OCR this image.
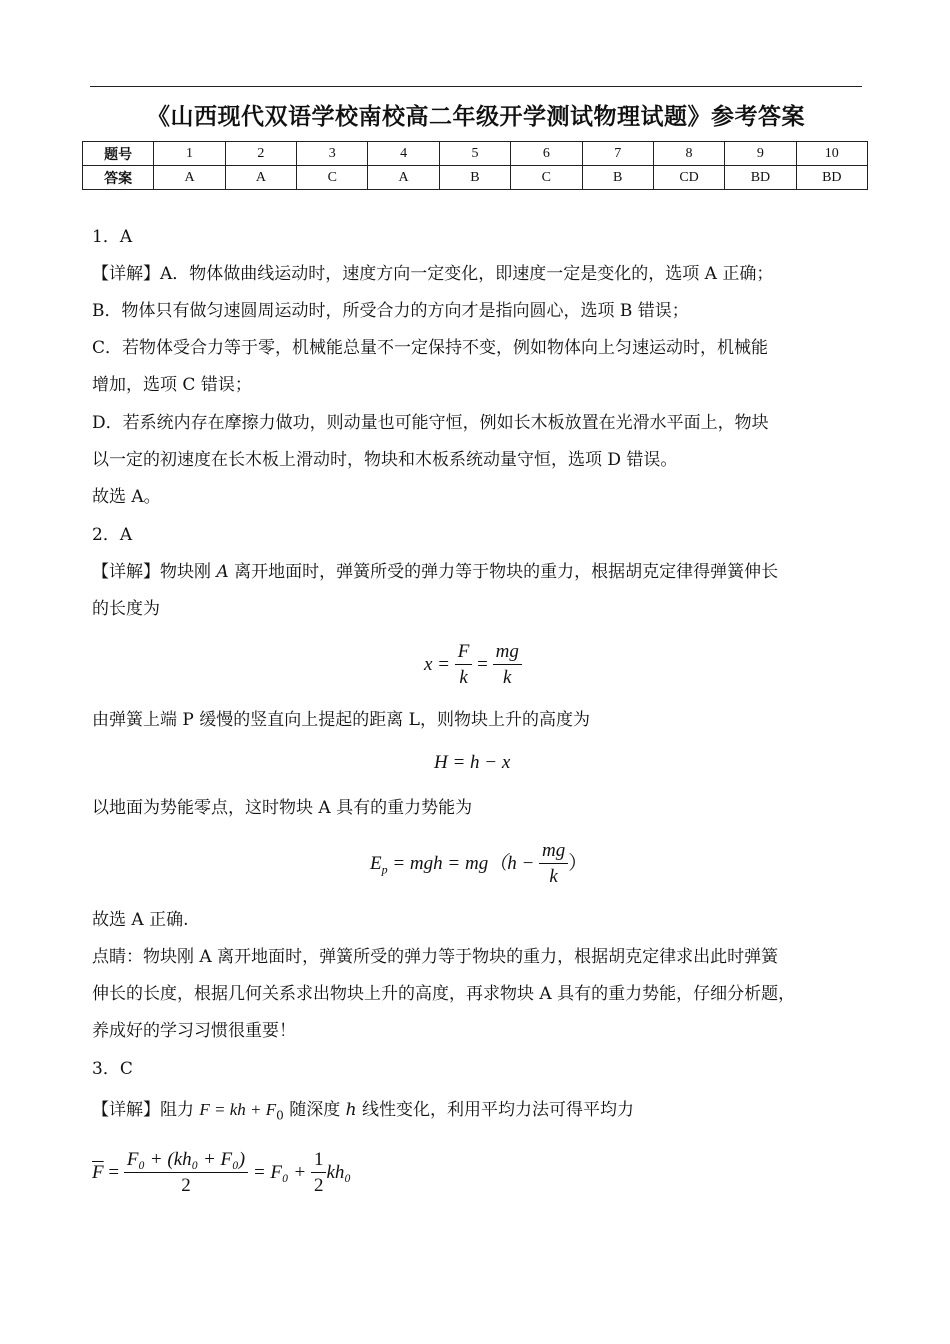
《山西现代双语学校南校高二年级开学测试物理试题》参考答案
题号	1	2	3	4	5	6	7	8	9	10
答案	A	A	C	A	B	C	B	CD	BD	BD
1．A
【详解】A．物体做曲线运动时，速度方向一定变化，即速度一定是变化的，选项 A 正确；
B．物体只有做匀速圆周运动时，所受合力的方向才是指向圆心，选项 B 错误；
C．若物体受合力等于零，机械能总量不一定保持不变，例如物体向上匀速运动时，机械能
增加，选项 C 错误；
D．若系统内存在摩擦力做功，则动量也可能守恒，例如长木板放置在光滑水平面上，物块
以一定的初速度在长木板上滑动时，物块和木板系统动量守恒，选项 D 错误。
故选 A。
2．A
【详解】物块刚 A 离开地面时，弹簧所受的弹力等于物块的重力，根据胡克定律得弹簧伸长
的长度为
$x = \frac{F}{k} = \frac{mg}{k}$
由弹簧上端 P 缓慢的竖直向上提起的距离 L，则物块上升的高度为
H = h − x
以地面为势能零点，这时物块 A 具有的重力势能为
$E_p$ = mgh = $mg(h - \frac{mg}{k}$ ）
故选 A 正确.
点睛：物块刚 A 离开地面时，弹簧所受的弹力等于物块的重力，根据胡克定律求出此时弹簧
伸长的长度，根据几何关系求出物块上升的高度，再求物块 A 具有的重力势能，仔细分析题，
养成好的学习习惯很重要！
3．C
【详解】阻力 F = kh + $F_0$ 随深度 h 线性变化，利用平均力法可得平均力
$\overline{F} = \frac{\text{F₀ + (kh₀ + F₀)}}{2} = F_0 + \frac{1}{2} kh_0$
